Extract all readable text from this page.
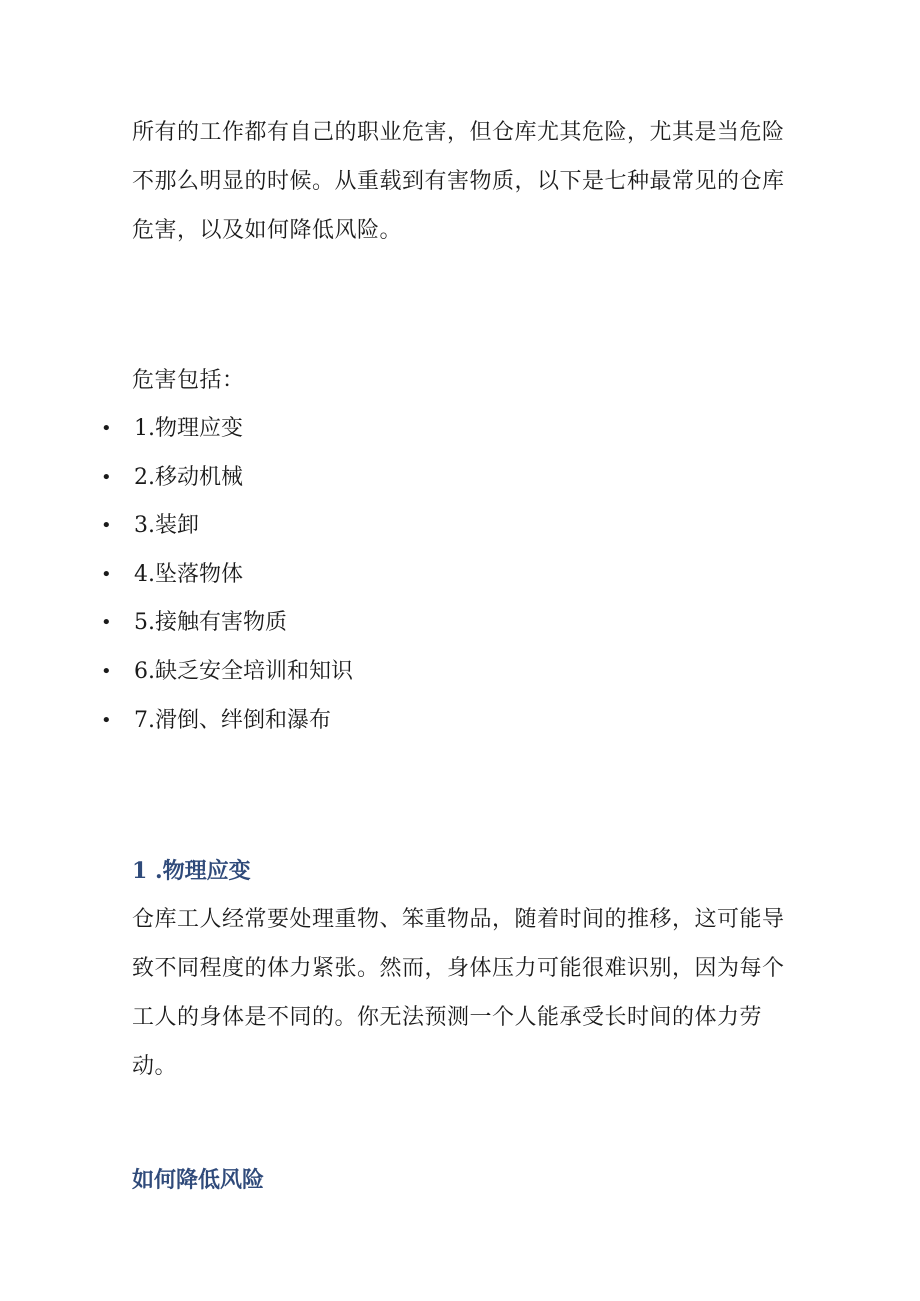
所有的工作都有自己的职业危害，但仓库尤其危险，尤其是当危险不那么明显的时候。从重载到有害物质，以下是七种最常见的仓库危害，以及如何降低风险。

危害包括：

• 1.物理应变
• 2.移动机械
• 3.装卸
• 4.坠落物体
• 5.接触有害物质
• 6.缺乏安全培训和知识
• 7.滑倒、绊倒和瀑布
1 .物理应变

仓库工人经常要处理重物、笨重物品，随着时间的推移，这可能导致不同程度的体力紧张。然而，身体压力可能很难识别，因为每个工人的身体是不同的。你无法预测一个人能承受长时间的体力劳动。

如何降低风险
